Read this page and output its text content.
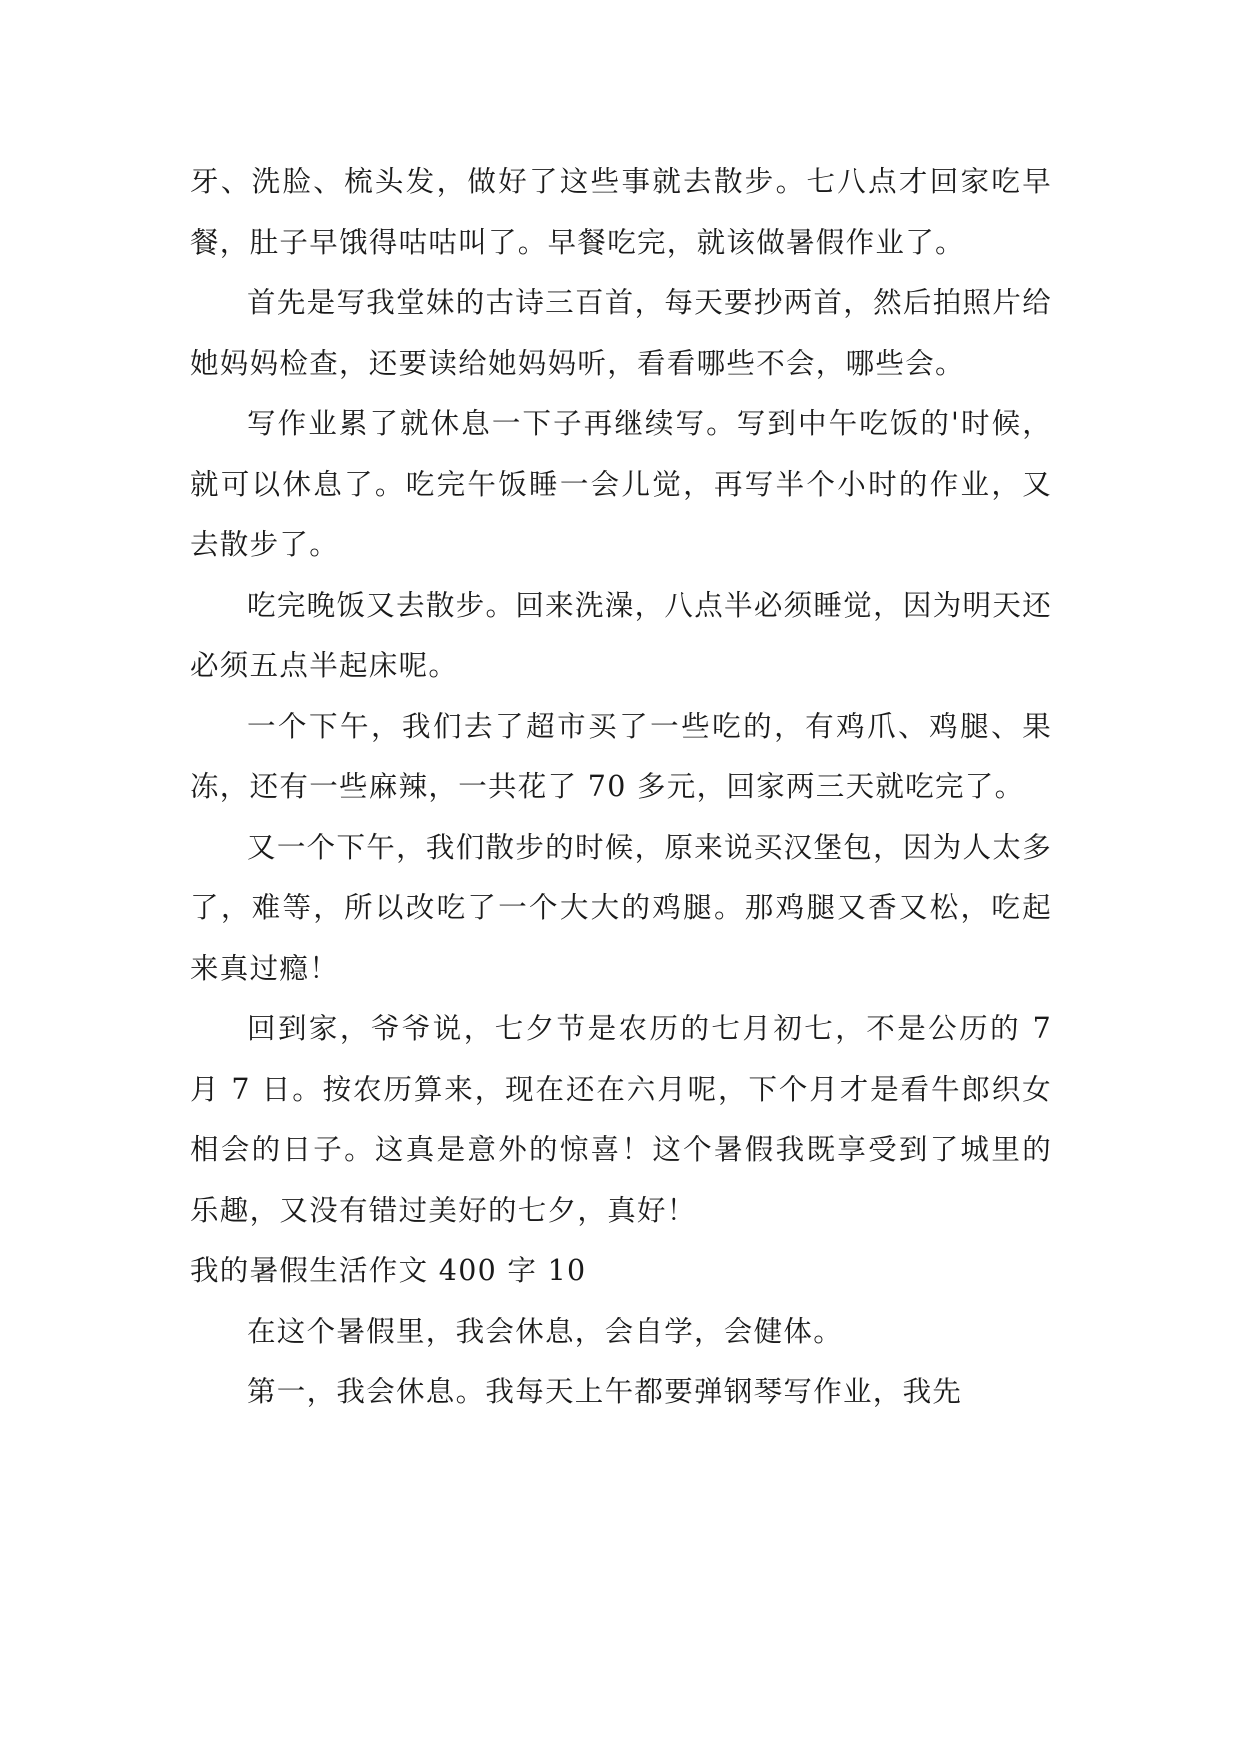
牙、洗脸、梳头发，做好了这些事就去散步。七八点才回家吃早餐，肚子早饿得咕咕叫了。早餐吃完，就该做暑假作业了。

首先是写我堂妹的古诗三百首，每天要抄两首，然后拍照片给她妈妈检查，还要读给她妈妈听，看看哪些不会，哪些会。

写作业累了就休息一下子再继续写。写到中午吃饭的'时候，就可以休息了。吃完午饭睡一会儿觉，再写半个小时的作业，又去散步了。

吃完晚饭又去散步。回来洗澡，八点半必须睡觉，因为明天还必须五点半起床呢。

一个下午，我们去了超市买了一些吃的，有鸡爪、鸡腿、果冻，还有一些麻辣，一共花了 70 多元，回家两三天就吃完了。

又一个下午，我们散步的时候，原来说买汉堡包，因为人太多了，难等，所以改吃了一个大大的鸡腿。那鸡腿又香又松，吃起来真过瘾！

回到家，爷爷说，七夕节是农历的七月初七，不是公历的 7 月 7 日。按农历算来，现在还在六月呢，下个月才是看牛郎织女相会的日子。这真是意外的惊喜！这个暑假我既享受到了城里的乐趣，又没有错过美好的七夕，真好！

我的暑假生活作文 400 字 10

在这个暑假里，我会休息，会自学，会健体。

第一，我会休息。我每天上午都要弹钢琴写作业，我先
